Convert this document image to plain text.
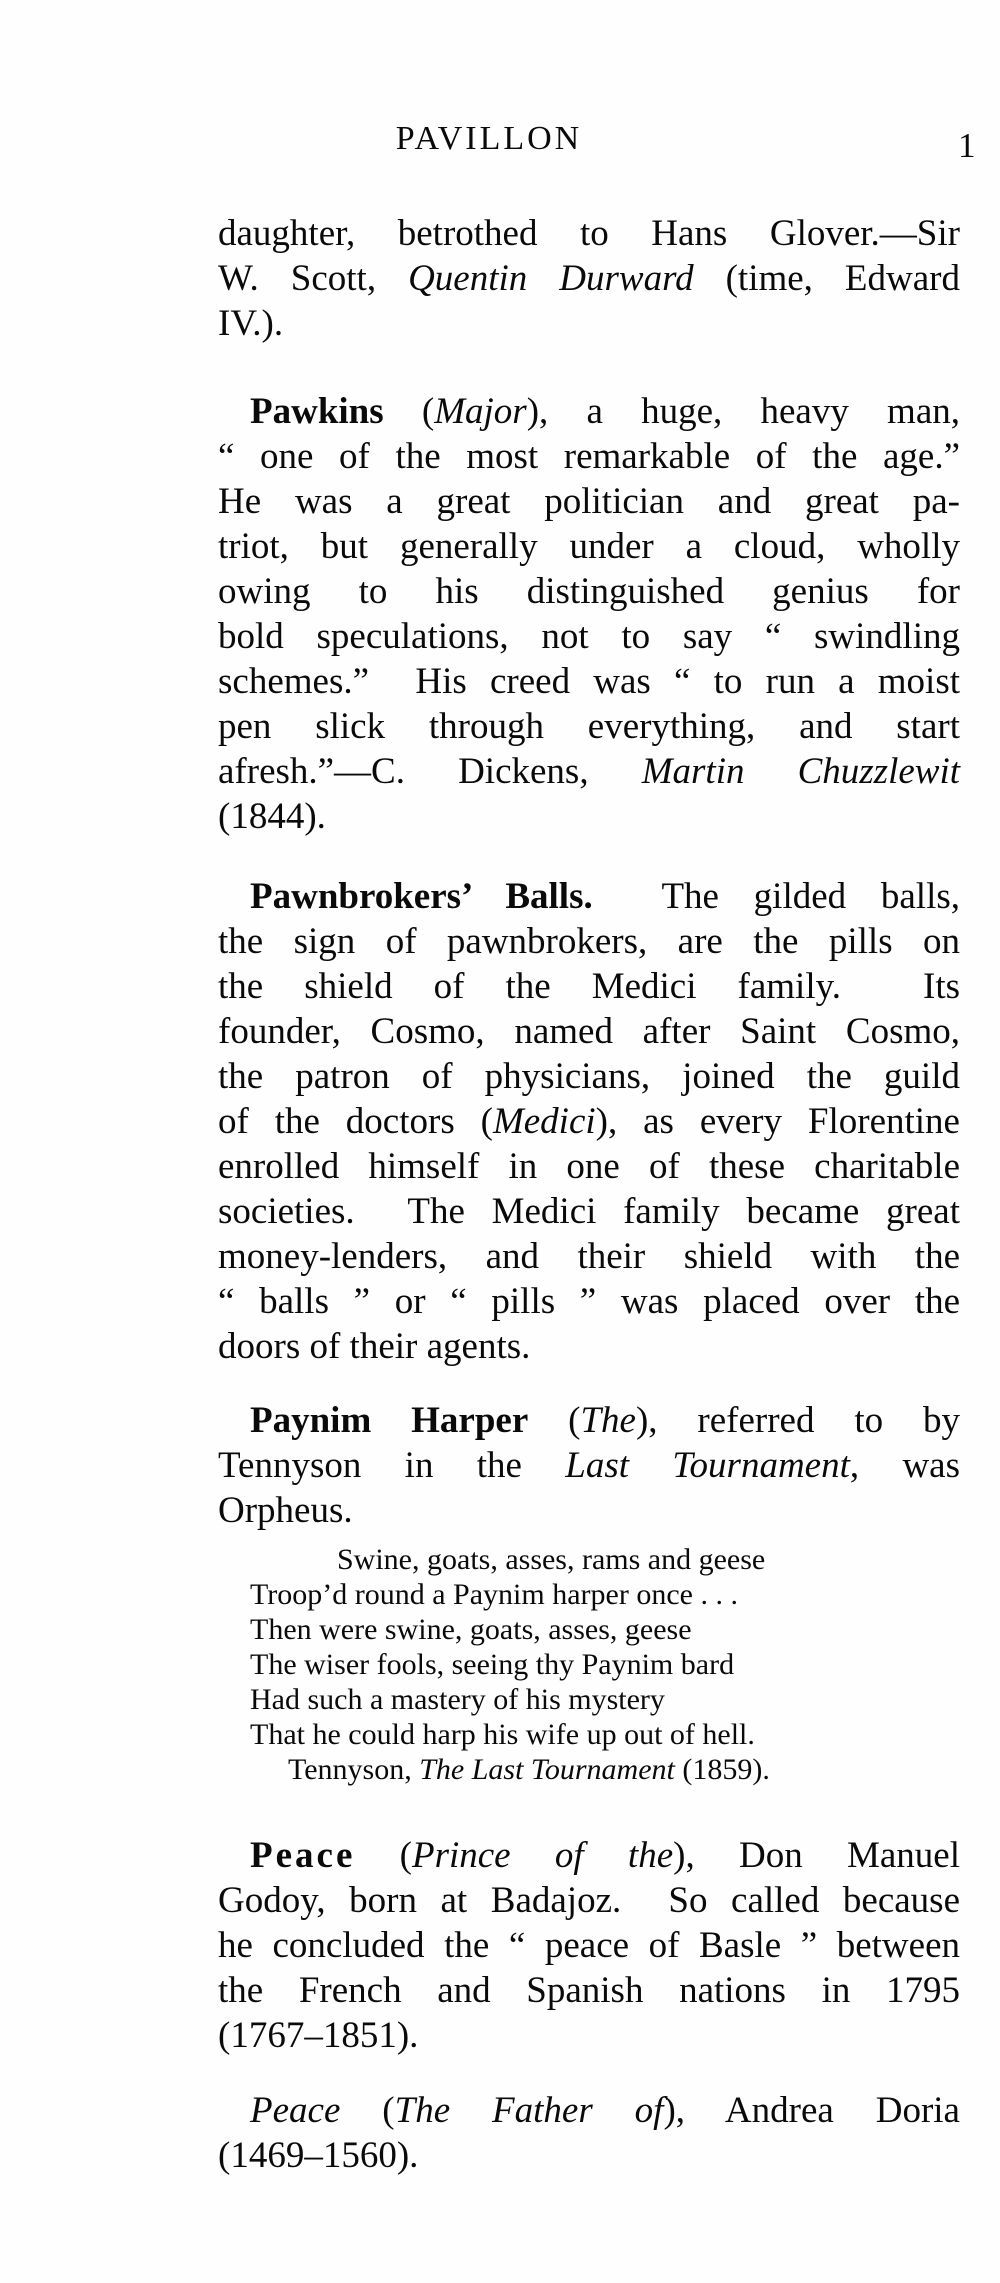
PAVILLON	1
daughter, betrothed to Hans Glover.—Sir
W. Scott, Quentin Durward (time, Edward
IV.).
Pawkins (Major), a huge, heavy man,
“ one of the most remarkable of the age.”
He was a great politician and great pa-
triot, but generally under a cloud, wholly
owing to his distinguished genius for
bold speculations, not to say “ swindling
schemes.”  His creed was “ to run a moist
pen slick through everything, and start
afresh.”—C. Dickens, Martin Chuzzlewit
(1844).
Pawnbrokers’ Balls.  The gilded balls,
the sign of pawnbrokers, are the pills on
the shield of the Medici family.  Its
founder, Cosmo, named after Saint Cosmo,
the patron of physicians, joined the guild
of the doctors (Medici), as every Florentine
enrolled himself in one of these charitable
societies.  The Medici family became great
money-lenders, and their shield with the
“ balls ” or “ pills ” was placed over the
doors of their agents.
Paynim Harper (The), referred to by
Tennyson in the Last Tournament, was
Orpheus.
Swine, goats, asses, rams and geese
Troop’d round a Paynim harper once . . .
Then were swine, goats, asses, geese
The wiser fools, seeing thy Paynim bard
Had such a mastery of his mystery
That he could harp his wife up out of hell.
Tennyson, The Last Tournament (1859).
Peace (Prince of the), Don Manuel
Godoy, born at Badajoz.  So called because
he concluded the “ peace of Basle ” between
the French and Spanish nations in 1795
(1767–1851).
Peace (The Father of), Andrea Doria
(1469–1560).
